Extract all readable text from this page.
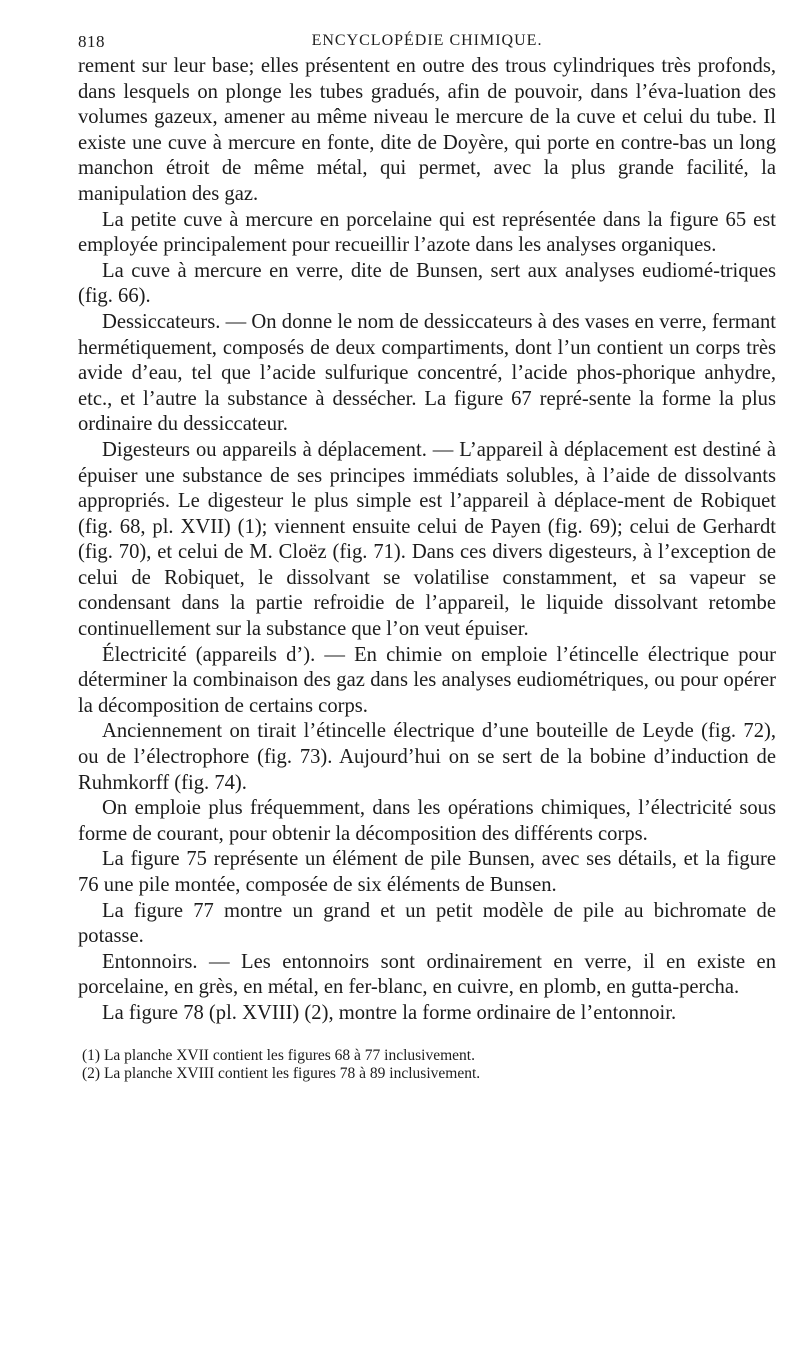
818	ENCYCLOPÉDIE CHIMIQUE.

rement sur leur base; elles présentent en outre des trous cylindriques très profonds, dans lesquels on plonge les tubes gradués, afin de pouvoir, dans l’éva-luation des volumes gazeux, amener au même niveau le mercure de la cuve et celui du tube. Il existe une cuve à mercure en fonte, dite de Doyère, qui porte en contre-bas un long manchon étroit de même métal, qui permet, avec la plus grande facilité, la manipulation des gaz.

La petite cuve à mercure en porcelaine qui est représentée dans la figure 65 est employée principalement pour recueillir l’azote dans les analyses organiques.

La cuve à mercure en verre, dite de Bunsen, sert aux analyses eudiomé-triques (fig. 66).

Dessiccateurs. — On donne le nom de dessiccateurs à des vases en verre, fermant hermétiquement, composés de deux compartiments, dont l’un contient un corps très avide d’eau, tel que l’acide sulfurique concentré, l’acide phos-phorique anhydre, etc., et l’autre la substance à dessécher. La figure 67 repré-sente la forme la plus ordinaire du dessiccateur.

Digesteurs ou appareils à déplacement. — L’appareil à déplacement est destiné à épuiser une substance de ses principes immédiats solubles, à l’aide de dissolvants appropriés. Le digesteur le plus simple est l’appareil à déplace-ment de Robiquet (fig. 68, pl. XVII) (1); viennent ensuite celui de Payen (fig. 69); celui de Gerhardt (fig. 70), et celui de M. Cloëz (fig. 71). Dans ces divers digesteurs, à l’exception de celui de Robiquet, le dissolvant se volatilise constamment, et sa vapeur se condensant dans la partie refroidie de l’appareil, le liquide dissolvant retombe continuellement sur la substance que l’on veut épuiser.

Électricité (appareils d’). — En chimie on emploie l’étincelle électrique pour déterminer la combinaison des gaz dans les analyses eudiométriques, ou pour opérer la décomposition de certains corps.

Anciennement on tirait l’étincelle électrique d’une bouteille de Leyde (fig. 72), ou de l’électrophore (fig. 73). Aujourd’hui on se sert de la bobine d’induction de Ruhmkorff (fig. 74).

On emploie plus fréquemment, dans les opérations chimiques, l’électricité sous forme de courant, pour obtenir la décomposition des différents corps.

La figure 75 représente un élément de pile Bunsen, avec ses détails, et la figure 76 une pile montée, composée de six éléments de Bunsen.

La figure 77 montre un grand et un petit modèle de pile au bichromate de potasse.

Entonnoirs. — Les entonnoirs sont ordinairement en verre, il en existe en porcelaine, en grès, en métal, en fer-blanc, en cuivre, en plomb, en gutta-percha.

La figure 78 (pl. XVIII) (2), montre la forme ordinaire de l’entonnoir.

(1) La planche XVII contient les figures 68 à 77 inclusivement.

(2) La planche XVIII contient les figures 78 à 89 inclusivement.
